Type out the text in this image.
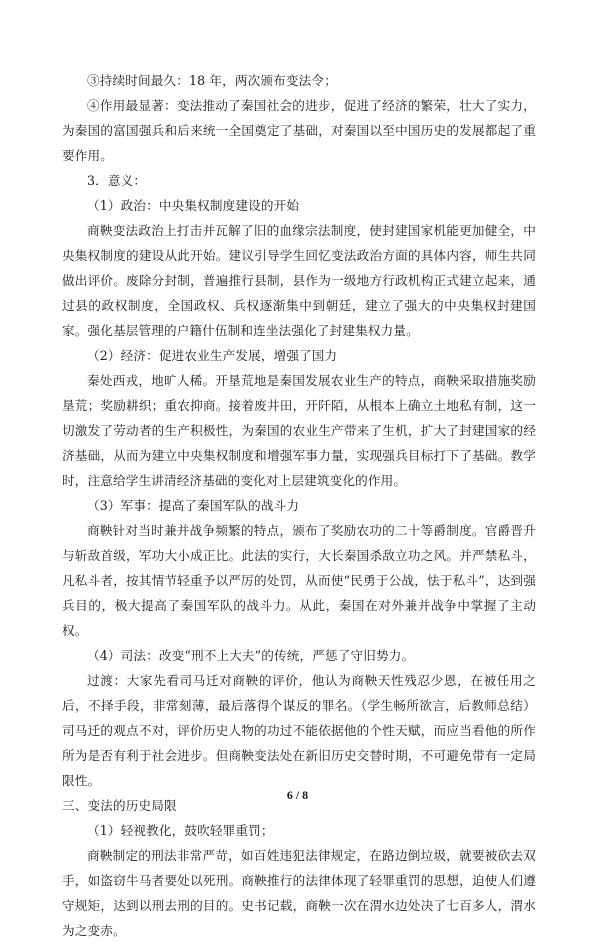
③持续时间最久：18 年，两次颁布变法令；

④作用最显著：变法推动了秦国社会的进步，促进了经济的繁荣，壮大了实力，为秦国的富国强兵和后来统一全国奠定了基础，对秦国以至中国历史的发展都起了重要作用。

3．意义：

（1）政治：中央集权制度建设的开始

商鞅变法政治上打击并瓦解了旧的血缘宗法制度，使封建国家机能更加健全，中央集权制度的建设从此开始。建议引导学生回忆变法政治方面的具体内容，师生共同做出评价。废除分封制，普遍推行县制，县作为一级地方行政机构正式建立起来，通过县的政权制度，全国政权、兵权逐渐集中到朝廷，建立了强大的中央集权封建国家。强化基层管理的户籍什伍制和连坐法强化了封建集权力量。

（2）经济：促进农业生产发展，增强了国力

秦处西戎，地旷人稀。开垦荒地是秦国发展农业生产的特点，商鞅采取措施奖励垦荒；奖励耕织；重农抑商。接着废井田，开阡陌，从根本上确立土地私有制，这一切激发了劳动者的生产积极性，为秦国的农业生产带来了生机，扩大了封建国家的经济基础，从而为建立中央集权制度和增强军事力量，实现强兵目标打下了基础。教学时，注意给学生讲清经济基础的变化对上层建筑变化的作用。

（3）军事：提高了秦国军队的战斗力

商鞅针对当时兼并战争频繁的特点，颁布了奖励农功的二十等爵制度。官爵晋升与斩敌首级，军功大小成正比。此法的实行，大长秦国杀敌立功之风。并严禁私斗，凡私斗者，按其情节轻重予以严厉的处罚，从而使“民勇于公战，怯于私斗”，达到强兵目的，极大提高了秦国军队的战斗力。从此，秦国在对外兼并战争中掌握了主动权。

（4）司法：改变“刑不上大夫”的传统，严惩了守旧势力。

过渡：大家先看司马迁对商鞅的评价，他认为商鞅天性残忍少恩，在被任用之后，不择手段，非常刻薄，最后落得个谋反的罪名。（学生畅所欲言，后教师总结）司马迁的观点不对，评价历史人物的功过不能依据他的个性天赋，而应当看他的所作所为是否有利于社会进步。但商鞅变法处在新旧历史交替时期，不可避免带有一定局限性。

三、变法的历史局限

（1）轻视教化，鼓吹轻罪重罚；

商鞅制定的刑法非常严苛，如百姓违犯法律规定，在路边倒垃圾，就要被砍去双手，如盗窃牛马者要处以死刑。商鞅推行的法律体现了轻罪重罚的思想，迫使人们遵守规矩，达到以刑去刑的目的。史书记载，商鞅一次在渭水边处决了七百多人，渭水为之变赤。

6 / 8
